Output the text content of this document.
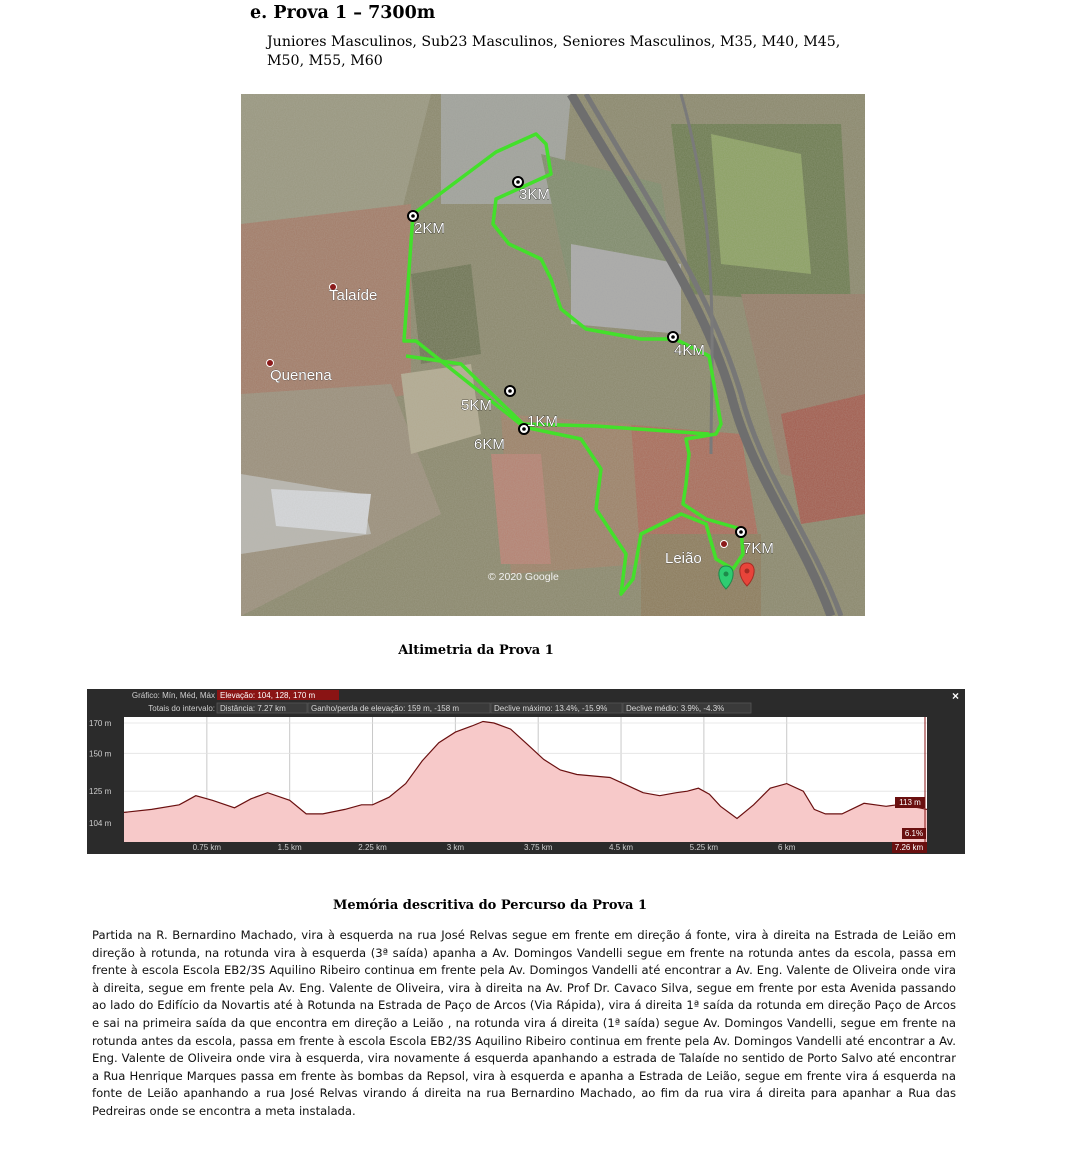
e. Prova 1 – 7300m
Juniores Masculinos, Sub23 Masculinos, Seniores Masculinos, M35, M40, M45, M50, M55, M60
1KM
2KM
3KM
4KM
5KM
6KM
7KM
Talaíde
Quenena
Leião
© 2020 Google
Altimetria da Prova 1
Gráfico: Mín, Méd, Máx Elevação: 104, 128, 170 m
Totais do intervalo: Distância: 7.27 km	Ganho/perda de elevação: 159 m, -158 m	Declive máximo: 13.4%, -15.9% Declive médio: 3.9%, -4.3%
×
170 m
150 m
125 m
104 m
0.75 km	1.5 km	2.25 km	3 km	3.75 km	4.5 km	5.25 km	6 km
113 m
6.1%
7.26 km
Memória descritiva do Percurso da Prova 1
Partida na R. Bernardino Machado, vira à esquerda na rua José Relvas segue em frente em direção á fonte, vira à direita na Estrada de Leião em direção à rotunda, na rotunda vira à esquerda (3ª saída) apanha a Av. Domingos Vandelli segue em frente na rotunda antes da escola, passa em frente à escola Escola EB2/3S Aquilino Ribeiro continua em frente pela Av. Domingos Vandelli até encontrar a Av. Eng. Valente de Oliveira onde vira à direita, segue em frente pela Av. Eng. Valente de Oliveira, vira à direita na Av. Prof Dr. Cavaco Silva, segue em frente por esta Avenida passando ao lado do Edifício da Novartis até à Rotunda na Estrada de Paço de Arcos (Via Rápida), vira á direita 1ª saída da rotunda em direção Paço de Arcos e sai na primeira saída da que encontra em direção a Leião , na rotunda vira á direita (1ª saída) segue Av. Domingos Vandelli, segue em frente na rotunda antes da escola, passa em frente à escola Escola EB2/3S Aquilino Ribeiro continua em frente pela Av. Domingos Vandelli até encontrar a Av. Eng. Valente de Oliveira onde vira à esquerda, vira novamente á esquerda apanhando a estrada de Talaíde no sentido de Porto Salvo até encontrar a Rua Henrique Marques passa em frente às bombas da Repsol, vira à esquerda e apanha a Estrada de Leião, segue em frente vira á esquerda na fonte de Leião apanhando a rua José Relvas virando á direita na rua Bernardino Machado, ao fim da rua vira á direita para apanhar a Rua das Pedreiras onde se encontra a meta instalada.
